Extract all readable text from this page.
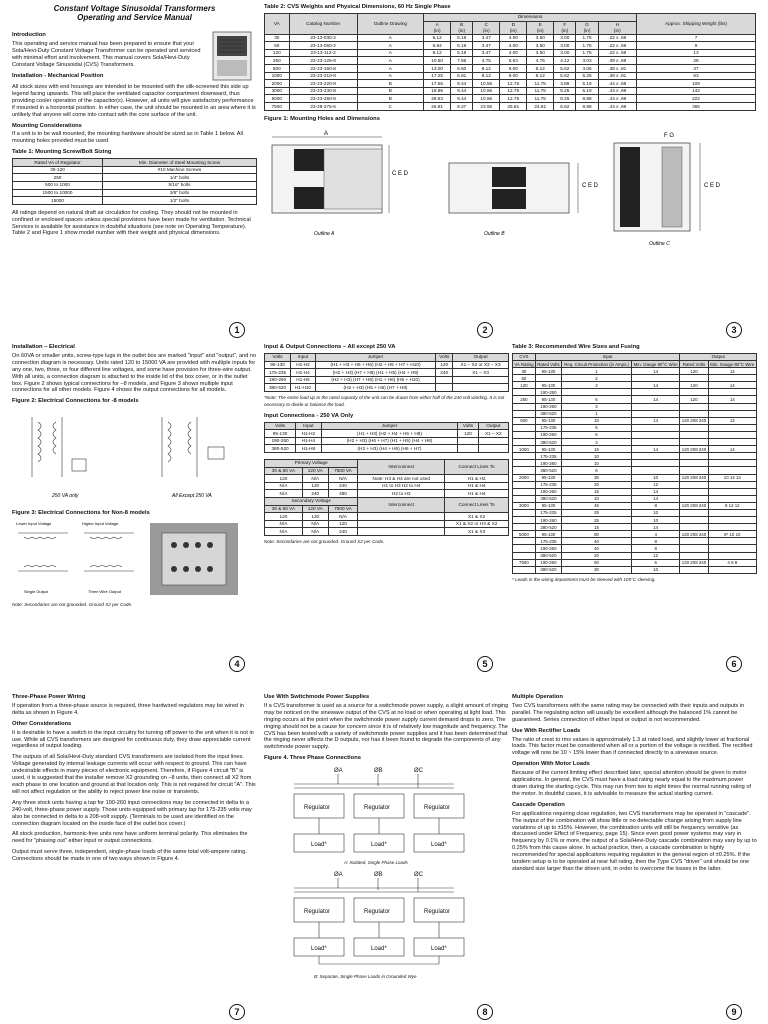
Constant Voltage Sinusoidal Transformers
Operating and Service Manual
Introduction

This operating and service manual has been prepared to ensure that your Sola/Hevi-Duty Constant Voltage Transformer can be operated and serviced with minimal effort and involvement. This manual covers Sola/Hevi-Duty Constant Voltage Sinusoidal (CVS) Transformers.

Installation - Mechanical Position

All stock sizes with end housings are intended to be mounted with the silk-screened this side up legend facing upwards. This will place the ventilated capacitor compartment downward, thus providing cooler operation of the capacitor(s). However, all units will give satisfactory performance if mounted in a horizontal position. In either case, the unit should be mounted in an area where it is unlikely that anyone will come into contact with the core surface of the unit.

Mounting Considerations

If a unit is to be wall mounted, the mounting hardware should be sized as in Table 1 below. All mounting holes provided must be used

Table 1: Mounting Screw/Bolt Sizing
Rated VA of Regulator	Min. Diameter of Steel Mounting Screw
30-120	#10 Machine Screws
250	1/4" bolts
500 to 1000	5/16" bolts
1500 to 10000	3/8" bolts
15000	1/2" bolts

All ratings depend on natural draft air circulation for cooling. They should not be mounted in confined or enclosed spaces unless special provisions have been made for ventilation. Technical Services is available for assistance in doubtful situations (see note on Operating Temperature). Table 2 and Figure 1 show model number with their weight and physical dimensions.

1
Table 2: CVS Weights and Physical Dimensions, 60 Hz Single Phase
VA	Catalog Number	Outline Drawing	Dimensions								Approx. Shipping Weight (lbs)
			A
(in)	B
(in)	C
(in)	D
(in)	E
(in)	F
(in)	G
(in)	H
(in)	
30	23-13-030-2	A	6.12	5.19	3.47	4.00	3.50	3.00	1.75	.22 x .59	7
60	23-13-060-2	A	6.94	5.19	3.47	4.00	3.50	3.00	1.75	.22 x .59	9
120	23-13-112-2	A	8.12	5.19	3.47	4.00	3.50	3.00	1.75	.22 x .59	13
250	23-23-125-8	A	10.50	7.56	4.75	5.63	4.75	4.12	3.03	.39 x .69	28
500	23-23-150-8	A	13.00	6.50	8.12	9.00	8.12	5.62	3.06	.38 x .81	37
1000	23-23-210-8	A	17.25	6.81	8.12	9.00	8.12	5.62	5.25	.38 x .81	63
2000	23-23-220-8	B	17.56	9.44	10.56	12.75	11.75	3.88	5.19	.44 x .69	109
3000	23-23-230-8	B	18.96	9.44	10.56	12.75	11.75	5.25	5.19	.44 x .69	142
5000	23-23-250-8	B	28.53	9.44	10.56	12.75	11.75	8.25	8.88	.44 x .69	222
7500	23-28-275-6	C	26.91	9.27	23.55	25.81	24.81	6.62	8.88	.44 x .69	365
Figure 1: Mounting Holes and Dimensions
A
C E D
Outline A
C E D
Outline B
F G
C E D
Outline C
2	3
Installation – Electrical

On 60VA or smaller units, screw-type lugs in the outlet box are marked "input" and "output", and no connection diagram is necessary. Units rated 120 to 15000 VA are provided with multiple inputs for any one, two, three, or four different line voltages, and some have provision for three-wire output. With all units, a connection diagram is attached to the inside lid of the box cover, or in the outlet box. Figure 2 shows typical connections for –8 models, and Figure 3 shows multiple input connections for all other models. Figure 4 shows the output connections for all models.

Figure 2: Electrical Connections for -8 models
250 VA only	All Except 250 VA
Figure 3: Electrical Connections for Non-8 models
Lower Input Voltage	Higher Input Voltage
Single Output	Three Wire Output

Note: Secondaries are not grounded. Ground X2 per Code.

4
Input & Output Connections – All except 250 VA
Volts	Input	Jumper	Volts	Output
95-130	H1-H2	(H1 + H3 + H5 + H6) (H2 + H5 + H7 + H10)	120	X1 – X2 or X2 – X3
175-235	H1-H4	(H2 + H3) (H7 + H8) (H1 + H5) (H4 + H9)	240	X1 – X3
190-260	H1-H5	(H2 + H3) (H7 + H8) (H1 + H6) (H5 + H10)		
380-520	H1-H10	(H2 + H3) (H5 + H6) (H7 + H8)		

*Note: The entire load up to the rated capacity of the unit can be drawn from either half of the 240 volt winding. It is not necessary to divide or balance the load.

Input Connections - 250 VA Only
Volts	Input	Jumper	Volts	Output
95-130	H1-H2	(H1 + H3) (H2 + H4 + H6 + H8)	120	X1 – X2
190-260	H1-H4	(H2 + H3) (H6 + H7) (H1 + H5) (H4 + H8)		
380-520	H1-H8	(H2 + H3) (H4 + H5) (H6 + H7)		
Primary Voltage			Interconnect	Connect Lines To
30 & 60 VA	120 VA	7500 VA		
120	N/A	N/A	Note: H3 & H4 are not used	H1 & H2
N/A	120	240	H1 to H3 H2 to H4	H1 & H4
N/A	240	480	H2 to H3	H1 & H4
Secondary Voltage			Interconnect	Connect Lines To
30 & 60 VA	120 VA	7500 VA		
120	120	N/A		X1 & X2
N/A	N/A	120		X1 & X2 or H3 & X2
N/A	N/A	240		X1 & X3

Note: Secondaries are not grounded. Ground X2 per Code.

5
Table 3: Recommended Wire Sizes and Fusing
CVS	Input			Output	
VA Rating	Rated Volts	Req. Circuit Protection (in Amps.)	Min. Gauge 90°C Wire	Rated Volts	Min. Gauge 90°C Wire
30	95-130	1	14	120	14
60		2			
120	95-130	3	14	120	14
	190-260				
250	95-130	6	14	120	14
	190-260	3			
	380-520	1			
500	95-130	10	14	120 208 240	14
	175-235	6			
	190-260	6			
	380-520	3			
1000	95-130	15	14	120 208 240	14
	175-235	10			
	190-260	10			
	380-520	6			
2000	95-130	30	10	120 208 240	10 14 14
	175-235	20	12		
	190-260	15	14		
	380-520	10	14		
3000	95-130	45	8	120 208 240	8 12 12
	175-235	25	10		
	190-260	25	10		
	380-520	15	14		
5000	95-130	80	4	120 208 240	8* 10 10
	175-235	40	8		
	190-260	40	8		
	380-520	20	12		
7500	190-260	60	6	120 208 240	4 6 8
	380-520	30	10		

* Leads in the wiring department must be sleeved with 105°C sleeving.

6
Three-Phase Power Wiring

If operation from a three-phase source is required, three hardwired regulators may be wired in delta as shown in Figure 4.

Other Considerations

It is desirable to have a switch in the input circuitry for turning off power to the unit when it is not in use. While all CVS transformers are designed for continuous duty, they draw appreciable current regardless of output loading.

The outputs of all Sola/Hevi-Duty standard CVS transformers are isolated from the input lines. Voltage generated by internal leakage currents will occur with respect to ground. This can have undesirable effects in many pieces of electronic equipment. Therefore, if Figure 4 circuit "B" is used, it is suggested that the installer remove X2 grounding on –8 units, then connect all X2 from each phase to one location and ground at that location only. This is not required for circuit "A". This will not affect regulation or the ability to reject power line noise or transients.

Any three stock units having a tap for 190-260 input connections may be connected in delta to a 240-volt, three-phase power supply. Those units equipped with primary tap for 175-235 volts may also be connected in delta to a 208-volt supply. (Terminals to be used are identified on the connection diagram located on the inside face of the outlet box cover.)

All stock production, harmonic-free units now have uniform terminal polarity. This eliminates the need for "phasing out" either input or output connections.

Output must serve three, independent, single-phase loads of the same total volt-ampere rating. Connections should be made in one of two ways shown in Figure 4.

7
Use With Switchmode Power Supplies

If a CVS transformer is used as a source for a switchmode power supply, a slight amount of ringing may be noticed on the sinewave output of the CVS at no load or when operating at light load. This ringing occurs at the point when the switchmode power supply current demand drops to zero. The ringing should not be a cause for concern since it is of relatively low magnitude and frequency. The CVS has been tested with a variety of switchmode power supplies and it has been determined that the ringing never affects the D outputs, nor has it been found to degrade the components of any switchmode power supply.

Figure 4. Three Phase Connections
ØA	ØB	ØC
Regulator	Regulator	Regulator
Load*	Load*	Load*
A: Isolated, Single Phase Loads
ØA	ØB	ØC
Regulator	Regulator	Regulator
Load*	Load*	Load*
B: Separate, Single Phase Loads in Grounded Wye
8
Multiple Operation

Two CVS transformers with the same rating may be connected with their inputs and outputs in parallel. The regulating action will usually be excellent although the balanced 1% cannot be guaranteed. Series connection of either input or output is not recommended.

Use With Rectifier Loads

The ratio of crest to rms values is approximately 1.3 at rated load, and slightly lower at fractional loads. This factor must be considered when all or a portion of the voltage is rectified. The rectified voltage will now be 10 ~ 15% lower than if connected directly to a sinewave source.

Operation With Motor Loads

Because of the current limiting effect described later, special attention should be given to motor applications. In general, the CVS must have a load rating nearly equal to the maximum power drawn during the starting cycle. This may run from two to eight times the normal running rating of the motor. In doubtful cases, it is advisable to measure the actual starting current.

Cascade Operation

For applications requiring close regulation, two CVS transformers may be operated in "cascade". The output of the combination will show little or no detectable change arising from supply line variations of up to ±15%. However, the combination units will still be frequency sensitive (as discussed under Effect of Frequency, page 15). Since even good power systems may vary in frequency by 0.1% or more, the output of a Sola/Hevi-Duty cascade combination may vary by up to 0.25% from this cause alone. In actual practice, then, a cascade combination is highly recommended for special applications requiring regulation in the general region of ±0.25%. If the tandem setup is to be operated at near full rating, then the Type CVS "driver" unit should be one standard size larger than the driven unit, in order to overcome the losses in the latter.

9
